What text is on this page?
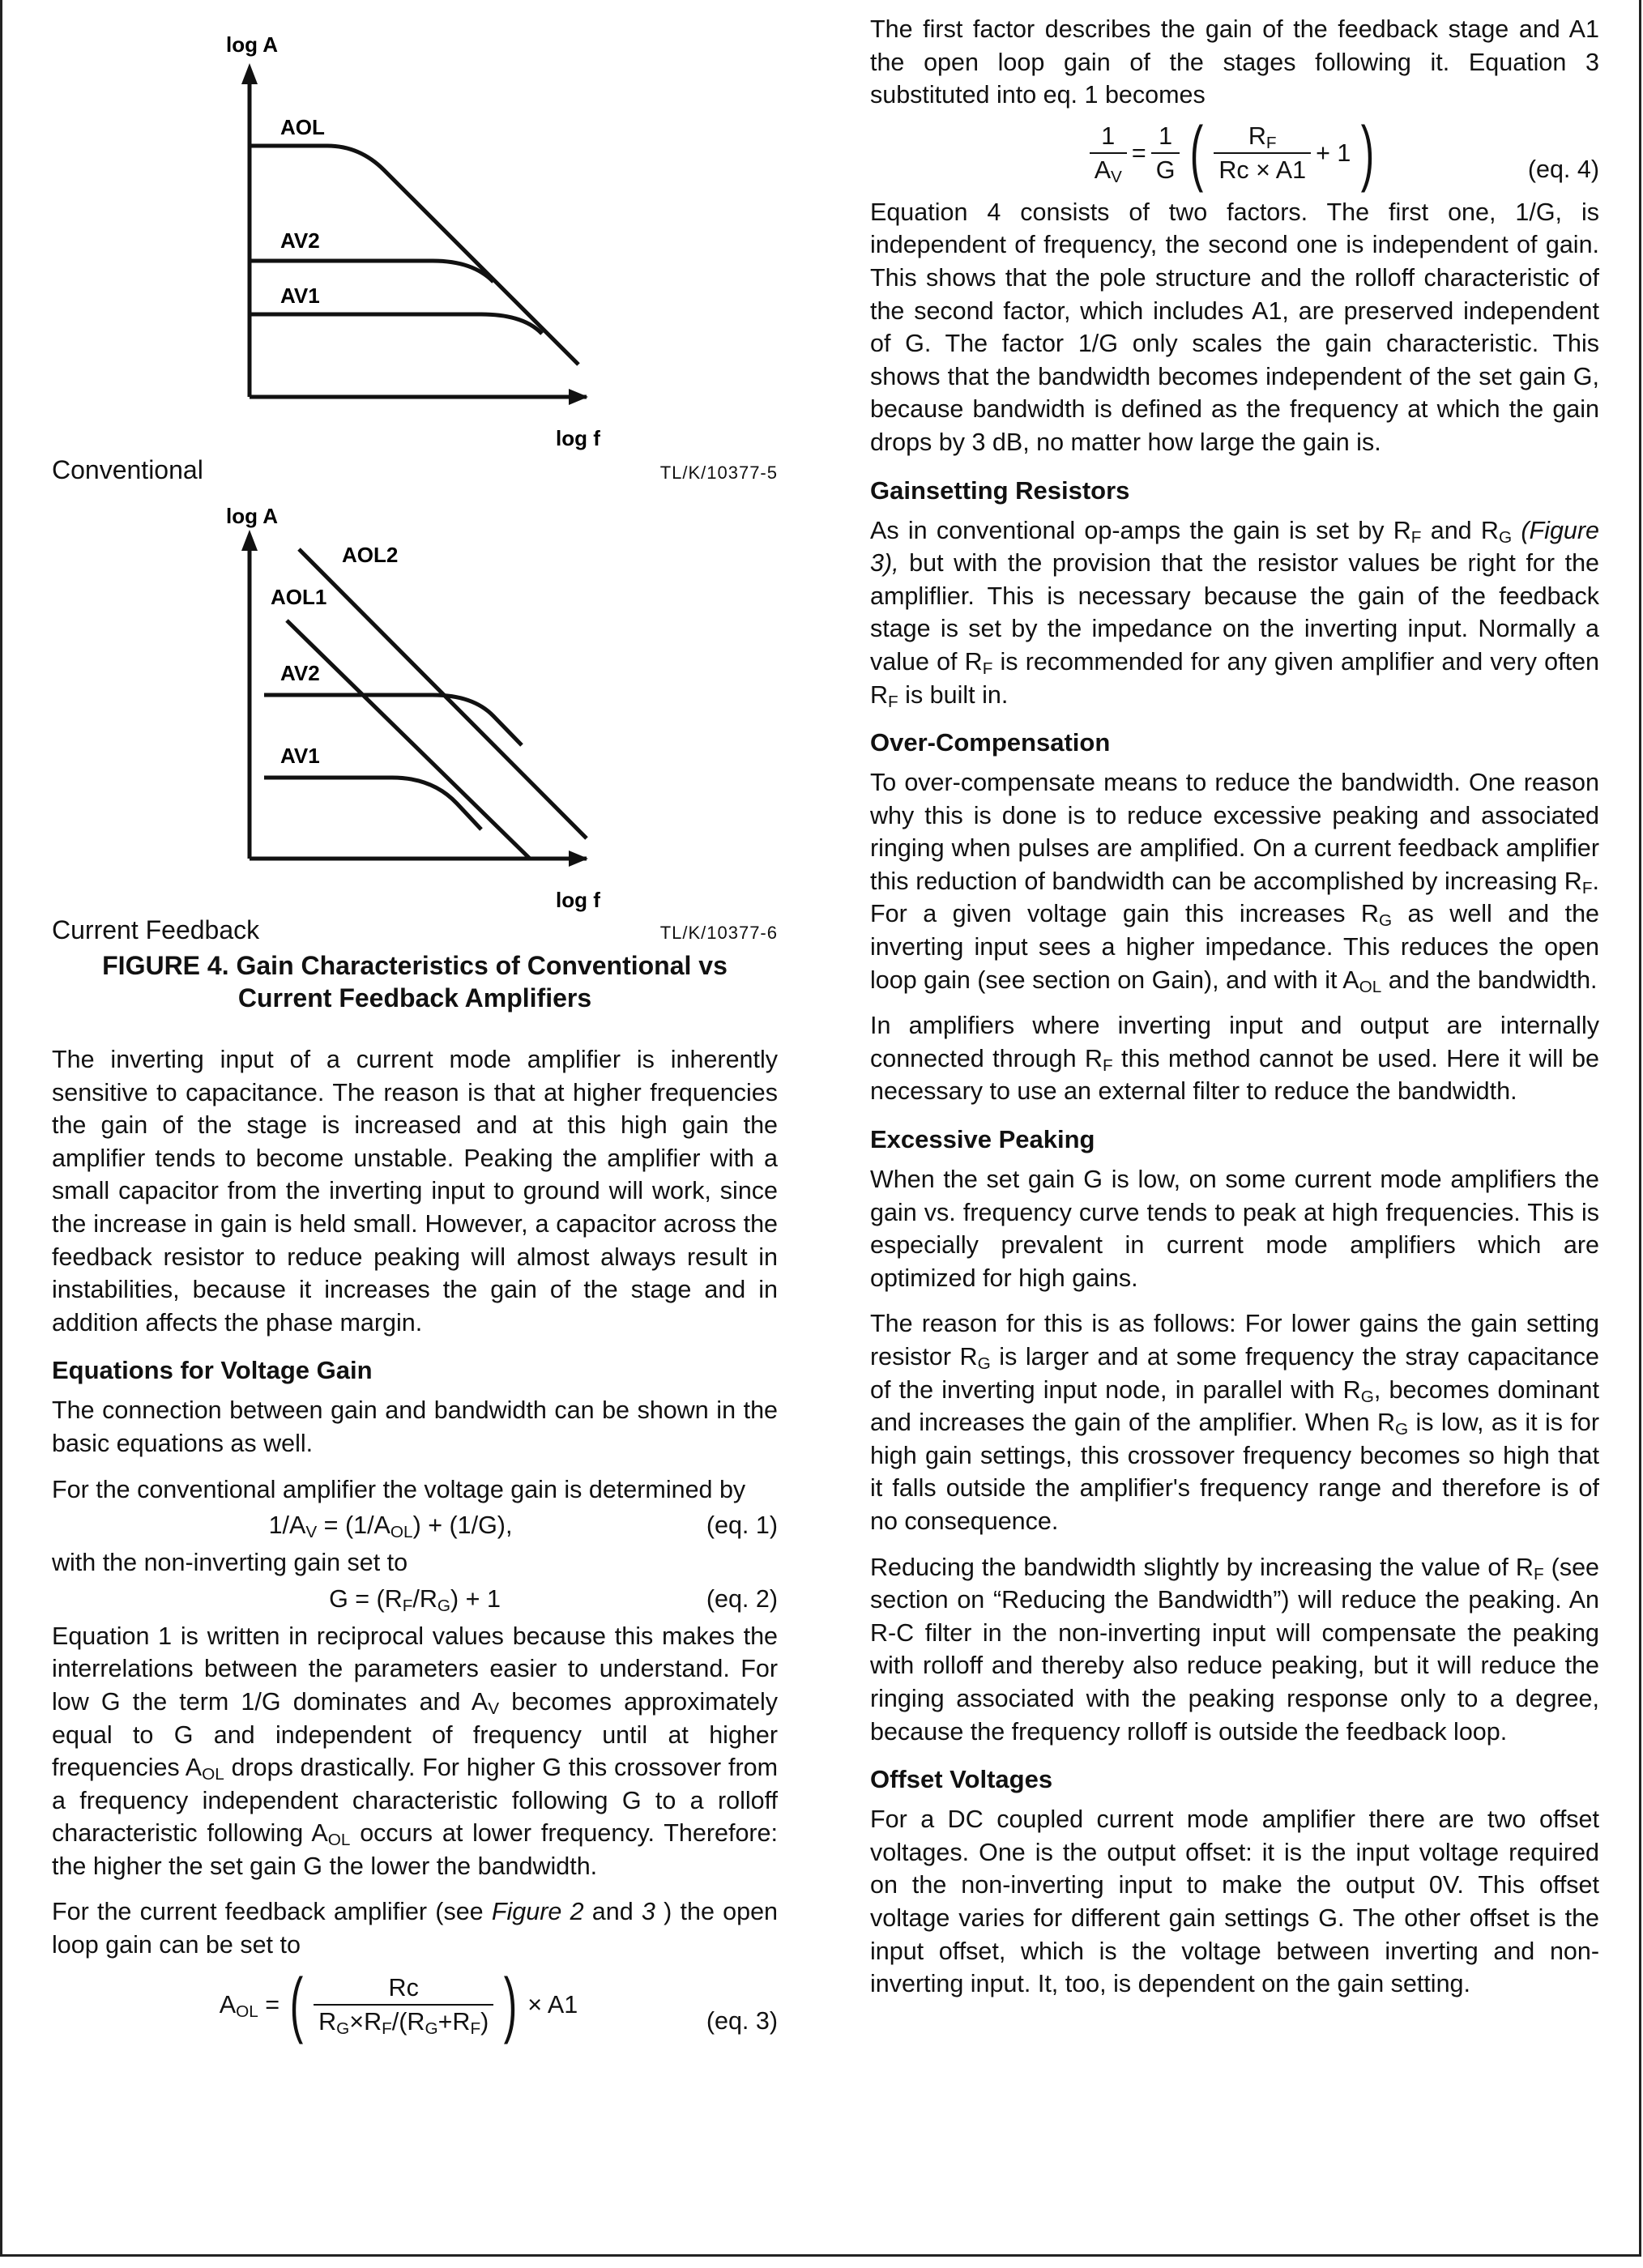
log A
log f
AOL
AV2
AV1
Conventional	TL/K/10377-5
log A
log f
AOL2
AOL1
AV2
AV1
Current Feedback	TL/K/10377-6
FIGURE 4. Gain Characteristics of Conventional vs
Current Feedback Amplifiers

The inverting input of a current mode amplifier is inherently sensitive to capacitance. The reason is that at higher frequencies the gain of the stage is increased and at this high gain the amplifier tends to become unstable. Peaking the amplifier with a small capacitor from the inverting input to ground will work, since the increase in gain is held small. However, a capacitor across the feedback resistor to reduce peaking will almost always result in instabilities, because it increases the gain of the stage and in addition affects the phase margin.

Equations for Voltage Gain

The connection between gain and bandwidth can be shown in the basic equations as well.

For the conventional amplifier the voltage gain is determined by

$1/A_V = (1/A_{OL}) + (1/G)$,	(eq. 1)

with the non-inverting gain set to

$G = (R_F/R_G) + 1$	(eq. 2)

Equation 1 is written in reciprocal values because this makes the interrelations between the parameters easier to understand. For low G the term 1/G dominates and $A_V$ becomes approximately equal to G and independent of frequency until at higher frequencies $A_{OL}$ drops drastically. For higher G this crossover from a frequency independent characteristic following G to a rolloff characteristic following $A_{OL}$ occurs at lower frequency. Therefore: the higher the set gain G the lower the bandwidth.

For the current feedback amplifier (see Figure 2 and 3 ) the open loop gain can be set to

$A_{OL}$ = ( $\frac{Rc}{R_G\times R_F/(R_G+R_F)}$ ) × A1
(eq. 3)

The first factor describes the gain of the feedback stage and A1 the open loop gain of the stages following it. Equation 3 substituted into eq. 1 becomes

$\frac{1}{A_V} = \frac{1}{G}$ ( $\frac{R_F}{Rc \times A1} + 1$ )	(eq. 4)

Equation 4 consists of two factors. The first one, 1/G, is independent of frequency, the second one is independent of gain. This shows that the pole structure and the rolloff characteristic of the second factor, which includes A1, are preserved independent of G. The factor 1/G only scales the gain characteristic. This shows that the bandwidth becomes independent of the set gain G, because bandwidth is defined as the frequency at which the gain drops by 3 dB, no matter how large the gain is.

Gainsetting Resistors

As in conventional op-amps the gain is set by $R_F$ and $R_G$ (Figure 3), but with the provision that the resistor values be right for the ampliflier. This is necessary because the gain of the feedback stage is set by the impedance on the inverting input. Normally a value of $R_F$ is recommended for any given amplifier and very often $R_F$ is built in.

Over-Compensation

To over-compensate means to reduce the bandwidth. One reason why this is done is to reduce excessive peaking and associated ringing when pulses are amplified. On a current feedback amplifier this reduction of bandwidth can be accomplished by increasing $R_F$. For a given voltage gain this increases $R_G$ as well and the inverting input sees a higher impedance. This reduces the open loop gain (see section on Gain), and with it $A_{OL}$ and the bandwidth.

In amplifiers where inverting input and output are internally connected through $R_F$ this method cannot be used. Here it will be necessary to use an external filter to reduce the bandwidth.

Excessive Peaking

When the set gain G is low, on some current mode amplifiers the gain vs. frequency curve tends to peak at high frequencies. This is especially prevalent in current mode amplifiers which are optimized for high gains.

The reason for this is as follows: For lower gains the gain setting resistor $R_G$ is larger and at some frequency the stray capacitance of the inverting input node, in parallel with $R_G$, becomes dominant and increases the gain of the amplifier. When $R_G$ is low, as it is for high gain settings, this crossover frequency becomes so high that it falls outside the amplifier's frequency range and therefore is of no consequence.

Reducing the bandwidth slightly by increasing the value of $R_F$ (see section on “Reducing the Bandwidth”) will reduce the peaking. An R-C filter in the non-inverting input will compensate the peaking with rolloff and thereby also reduce peaking, but it will reduce the ringing associated with the peaking response only to a degree, because the frequency rolloff is outside the feedback loop.

Offset Voltages

For a DC coupled current mode amplifier there are two offset voltages. One is the output offset: it is the input voltage required on the non-inverting input to make the output 0V. This offset voltage varies for different gain settings G. The other offset is the input offset, which is the voltage between inverting and non-inverting input. It, too, is dependent on the gain setting.
